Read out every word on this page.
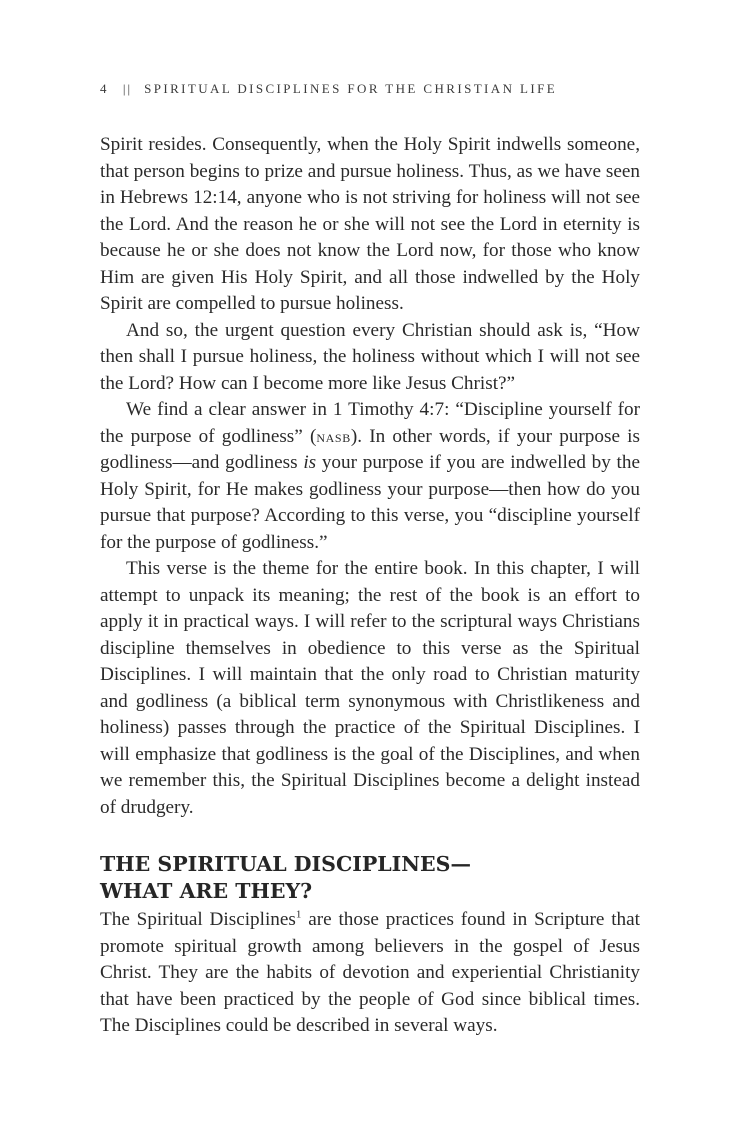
4 || SPIRITUAL DISCIPLINES FOR THE CHRISTIAN LIFE

Spirit resides. Consequently, when the Holy Spirit indwells someone, that person begins to prize and pursue holiness. Thus, as we have seen in Hebrews 12:14, anyone who is not striving for holiness will not see the Lord. And the reason he or she will not see the Lord in eternity is because he or she does not know the Lord now, for those who know Him are given His Holy Spirit, and all those indwelled by the Holy Spirit are compelled to pursue holiness.

And so, the urgent question every Christian should ask is, “How then shall I pursue holiness, the holiness without which I will not see the Lord? How can I become more like Jesus Christ?”

We find a clear answer in 1 Timothy 4:7: “Discipline yourself for the purpose of godliness” (nasb). In other words, if your purpose is godliness—and godliness is your purpose if you are indwelled by the Holy Spirit, for He makes godliness your purpose—then how do you pursue that purpose? According to this verse, you “discipline yourself for the purpose of godliness.”

This verse is the theme for the entire book. In this chapter, I will attempt to unpack its meaning; the rest of the book is an effort to apply it in practical ways. I will refer to the scriptural ways Christians discipline themselves in obedience to this verse as the Spiritual Disciplines. I will maintain that the only road to Christian maturity and godliness (a biblical term synonymous with Christlikeness and holiness) passes through the practice of the Spiritual Disciplines. I will emphasize that godliness is the goal of the Disciplines, and when we remember this, the Spiritual Disciplines become a delight instead of drudgery.

THE SPIRITUAL DISCIPLINES—
WHAT ARE THEY?

The Spiritual Disciplines$^1$ are those practices found in Scripture that promote spiritual growth among believers in the gospel of Jesus Christ. They are the habits of devotion and experiential Christianity that have been practiced by the people of God since biblical times. The Disciplines could be described in several ways.
